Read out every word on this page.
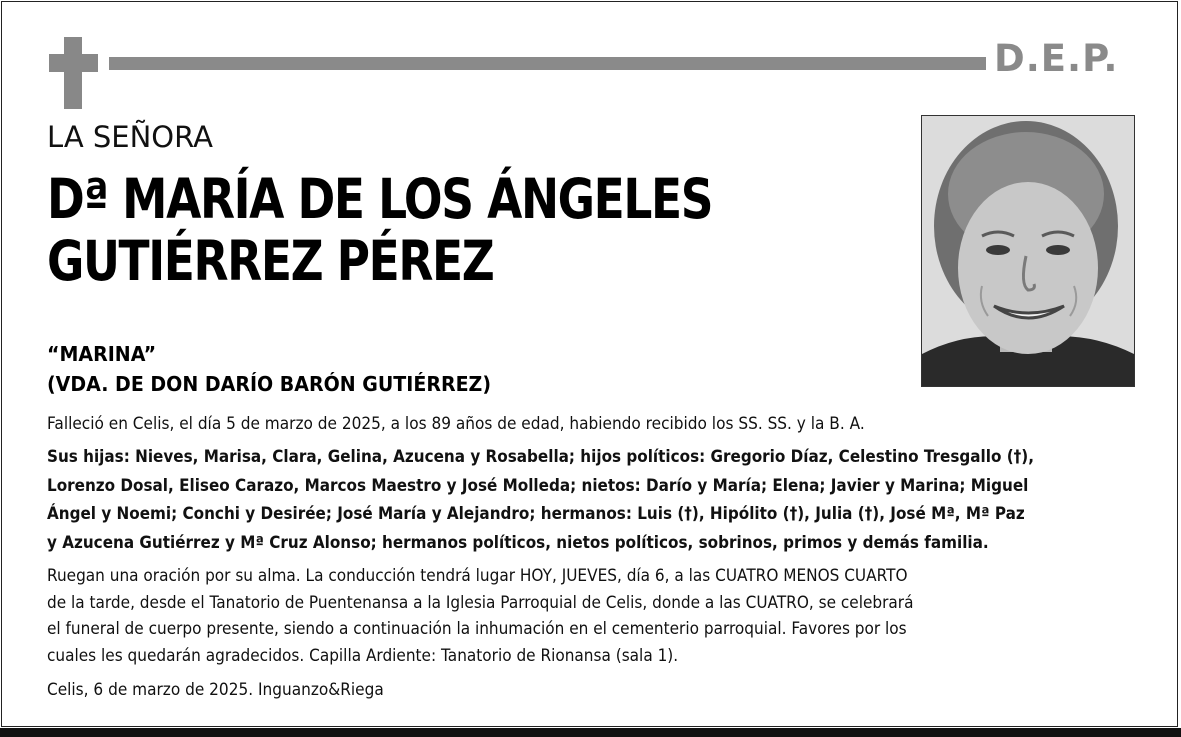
D.E.P.
LA SEÑORA
Dª MARÍA DE LOS ÁNGELES
GUTIÉRREZ PÉREZ
“MARINA”
(VDA. DE DON DARÍO BARÓN GUTIÉRREZ)
Falleció en Celis, el día 5 de marzo de 2025, a los 89 años de edad, habiendo recibido los SS. SS. y la B. A.
Sus hijas: Nieves, Marisa, Clara, Gelina, Azucena y Rosabella; hijos políticos: Gregorio Díaz, Celestino Tresgallo (†),
Lorenzo Dosal, Eliseo Carazo, Marcos Maestro y José Molleda; nietos: Darío y María; Elena; Javier y Marina; Miguel
Ángel y Noemi; Conchi y Desirée; José María y Alejandro; hermanos: Luis (†), Hipólito (†), Julia (†), José Mª, Mª Paz
y Azucena Gutiérrez y Mª Cruz Alonso; hermanos políticos, nietos políticos, sobrinos, primos y demás familia.
Ruegan una oración por su alma. La conducción tendrá lugar HOY, JUEVES, día 6, a las CUATRO MENOS CUARTO
de la tarde, desde el Tanatorio de Puentenansa a la Iglesia Parroquial de Celis, donde a las CUATRO, se celebrará
el funeral de cuerpo presente, siendo a continuación la inhumación en el cementerio parroquial. Favores por los
cuales les quedarán agradecidos. Capilla Ardiente: Tanatorio de Rionansa (sala 1).
Celis, 6 de marzo de 2025. Inguanzo&Riega
